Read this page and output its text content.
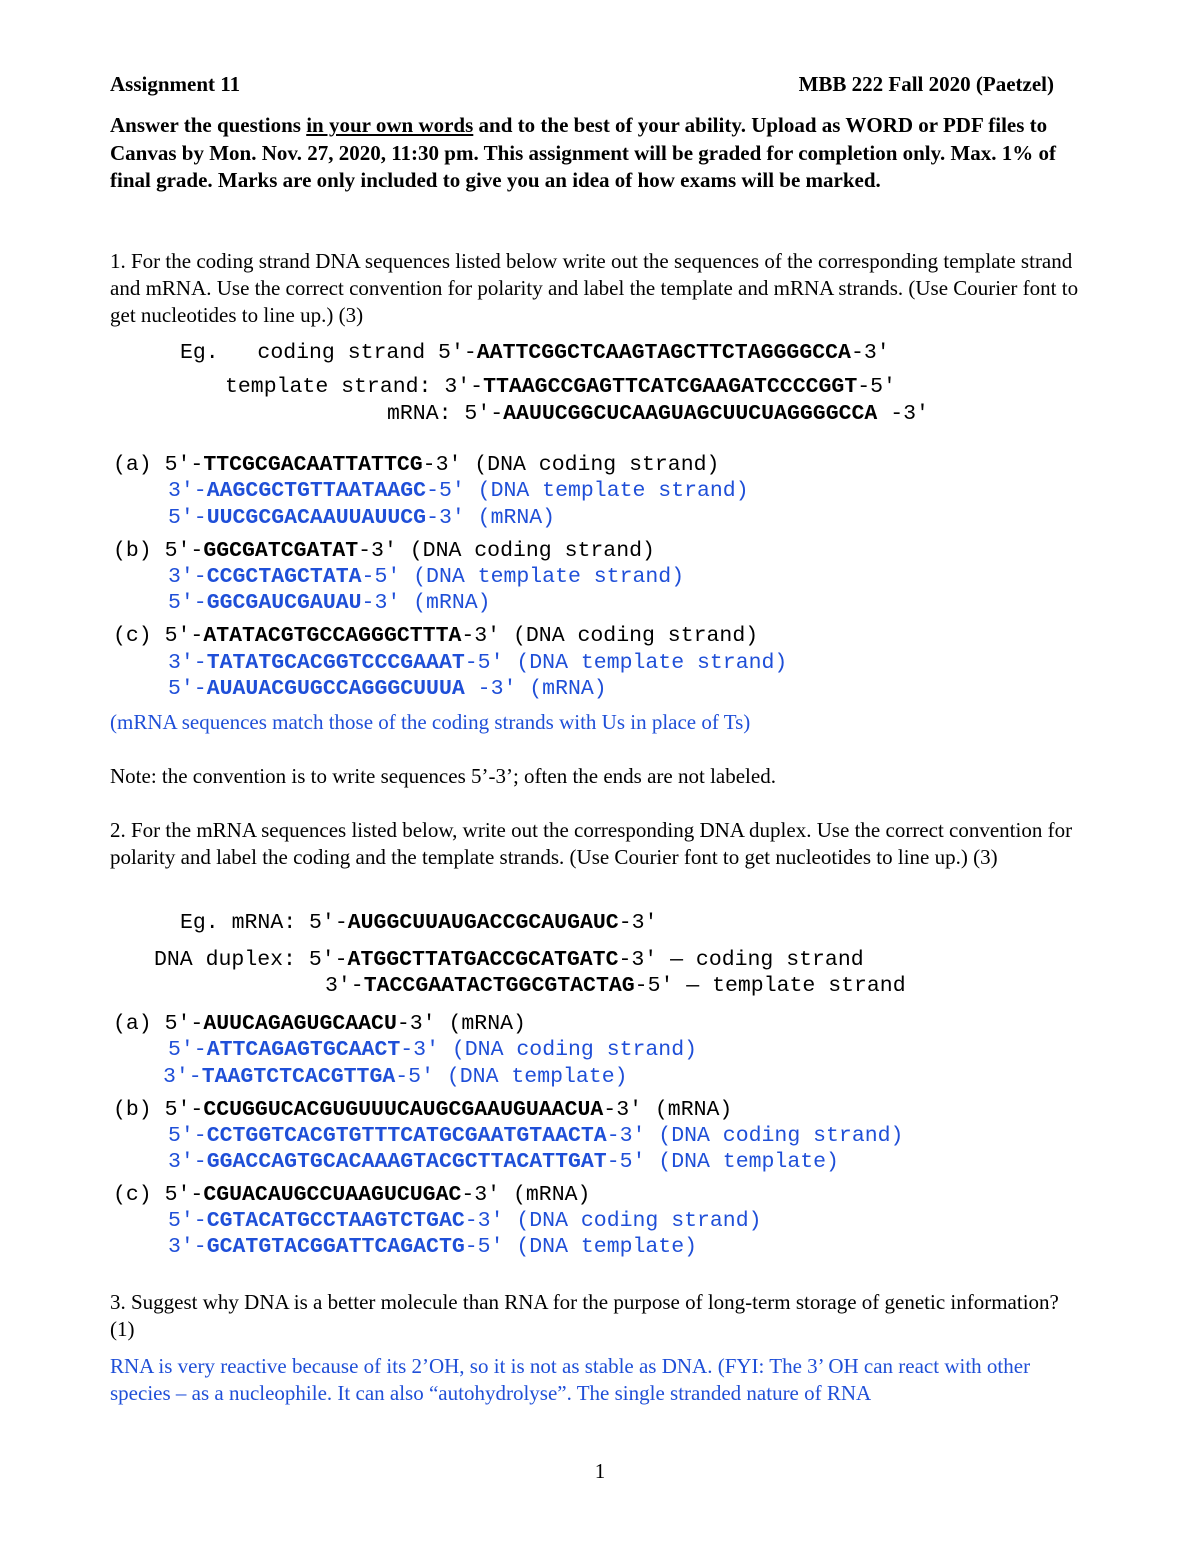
Assignment 11	MBB 222 Fall 2020 (Paetzel)
Answer the questions in your own words and to the best of your ability. Upload as WORD or PDF files to Canvas by Mon. Nov. 27, 2020, 11:30 pm. This assignment will be graded for completion only. Max. 1% of final grade. Marks are only included to give you an idea of how exams will be marked.
1. For the coding strand DNA sequences listed below write out the sequences of the corresponding template strand and mRNA. Use the correct convention for polarity and label the template and mRNA strands. (Use Courier font to get nucleotides to line up.) (3)
Eg.   coding strand 5′-AATTCGGCTCAAGTAGCTTCTAGGGGCCA-3′
template strand: 3′-TTAAGCCGAGTTCATCGAAGATCCCCGGT-5′
mRNA: 5′-AAUUCGGCUCAAGUAGCUUCUAGGGGCCA -3′
(a) 5′-TTCGCGACAATTATTCG-3′ (DNA coding strand)
3′-AAGCGCTGTTAATAAGC-5′ (DNA template strand)
5′-UUCGCGACAAUUAUUCG-3′ (mRNA)
(b) 5′-GGCGATCGATAT-3′ (DNA coding strand)
3′-CCGCTAGCTATA-5′ (DNA template strand)
5′-GGCGAUCGAUAU-3′ (mRNA)
(c) 5′-ATATACGTGCCAGGGCTTTA-3′ (DNA coding strand)
3′-TATATGCACGGTCCCGAAAT-5′ (DNA template strand)
5′-AUAUACGUGCCAGGGCUUUA -3′ (mRNA)
(mRNA sequences match those of the coding strands with Us in place of Ts)
Note: the convention is to write sequences 5’-3’; often the ends are not labeled.
2. For the mRNA sequences listed below, write out the corresponding DNA duplex. Use the correct convention for polarity and label the coding and the template strands. (Use Courier font to get nucleotides to line up.) (3)
Eg. mRNA: 5′-AUGGCUUAUGACCGCAUGAUC-3′
DNA duplex: 5′-ATGGCTTATGACCGCATGATC-3′ — coding strand
3′-TACCGAATACTGGCGTACTAG-5′ — template strand
(a) 5′-AUUCAGAGUGCAACU-3′ (mRNA)
5′-ATTCAGAGTGCAACT-3′ (DNA coding strand)
3′-TAAGTCTCACGTTGA-5′ (DNA template)
(b) 5′-CCUGGUCACGUGUUUCAUGCGAAUGUAACUA-3′ (mRNA)
5′-CCTGGTCACGTGTTTCATGCGAATGTAACTA-3′ (DNA coding strand)
3′-GGACCAGTGCACAAAGTACGCTTACATTGAT-5′ (DNA template)
(c) 5′-CGUACAUGCCUAAGUCUGAC-3′ (mRNA)
5′-CGTACATGCCTAAGTCTGAC-3′ (DNA coding strand)
3′-GCATGTACGGATTCAGACTG-5′ (DNA template)
3. Suggest why DNA is a better molecule than RNA for the purpose of long-term storage of genetic information? (1)
RNA is very reactive because of its 2’OH, so it is not as stable as DNA. (FYI: The 3’ OH can react with other species – as a nucleophile. It can also “autohydrolyse”. The single stranded nature of RNA
1
